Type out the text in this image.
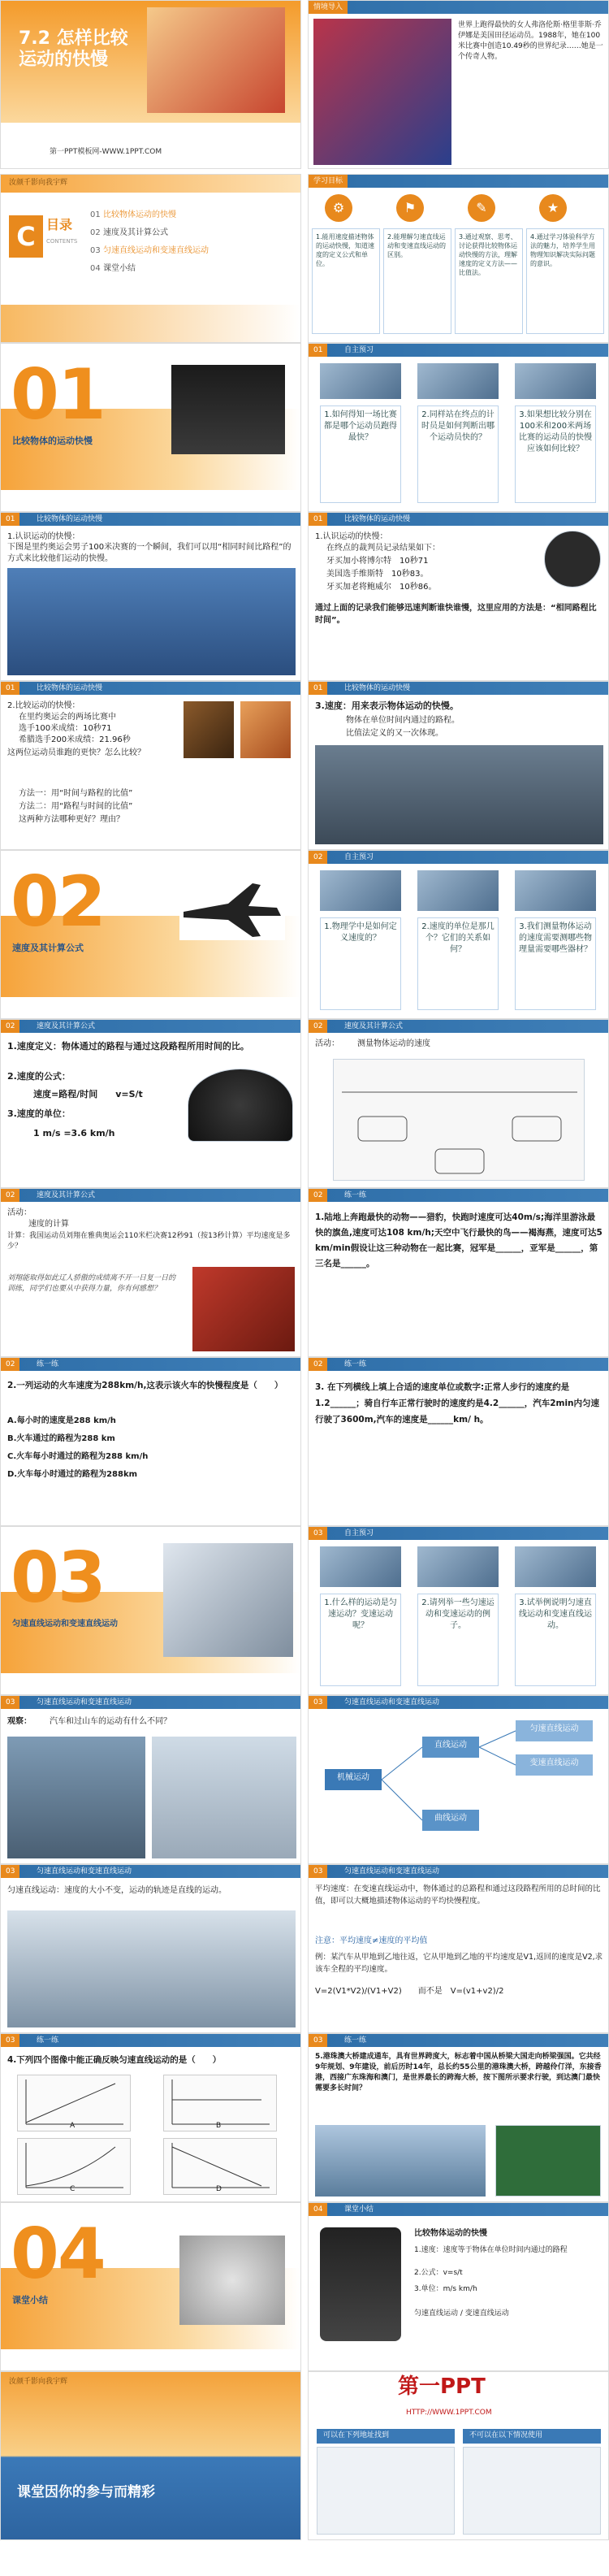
7.2 怎样比较运动的快慢
第一PPT模板网-WWW.1PPT.COM
情境导入
世界上跑得最快的女人弗洛伦斯·格里菲斯·乔伊娜是美国田径运动员。1988年，她在100米比赛中创造10.49秒的世界纪录……她是一个传奇人物。
汝颜千影向我宇辉
C 目录
CONTENTS
01 比较物体运动的快慢
02 速度及其计算公式
03 匀速直线运动和变速直线运动
04 课堂小结
学习目标
⚙	⚑	✎	★
1.能用速度描述物体的运动快慢，知道速度的定义公式和单位。
2.能理解匀速直线运动和变速直线运动的区别。
3.通过观察、思考、讨论获得比较物体运动快慢的方法，理解速度的定义方法——比值法。
4.通过学习体验科学方法的魅力，培养学生用物理知识解决实际问题的意识。
01
比较物体的运动快慢
01	自主预习
1.如何得知一场比赛都是哪个运动员跑得最快？
2.同样站在终点的计时员是如何判断出哪个运动员快的？
3.如果想比较分别在100米和200米两场比赛的运动员的快慢应该如何比较？
01	比较物体的运动快慢
1.认识运动的快慢：
下图是里约奥运会男子100米决赛的一个瞬间，我们可以用“相同时间比路程”的方式来比较他们运动的快慢。
01	比较物体的运动快慢
1.认识运动的快慢：
在终点的裁判员记录结果如下：
牙买加小将博尔特　10秒71
美国选手维斯特　10秒83。
牙买加老将鲍威尔　10秒86。
通过上面的记录我们能够迅速判断谁快谁慢，这里应用的方法是：“相同路程比时间”。
01	比较物体的运动快慢
2.比较运动的快慢：
在里约奥运会的两场比赛中
选手100米成绩：10秒71
希腊选手200米成绩：21.96秒
这两位运动员谁跑的更快？怎么比较？
方法一：用“时间与路程的比值”
方法二：用“路程与时间的比值”
这两种方法哪种更好？理由？
01	比较物体的运动快慢
3.速度：用来表示物体运动的快慢。
物体在单位时间内通过的路程。
比值法定义的又一次体现。
02
速度及其计算公式
02	自主预习
1.物理学中是如何定义速度的？
2.速度的单位是那几个？它们的关系如何？
3.我们测量物体运动的速度需要测哪些物理量需要哪些器材？
02	速度及其计算公式
1.速度定义：物体通过的路程与通过这段路程所用时间的比。
2.速度的公式：
速度=路程/时间　　v=S/t
3.速度的单位：
1 m/s =3.6 km/h
02	速度及其计算公式
活动： 测量物体运动的速度
02	速度及其计算公式
活动：
速度的计算
计算：我国运动员刘翔在雅典奥运会110米栏决赛12秒91（按13秒计算）平均速度是多少？
刘翔能取得如此辽人骄傲的成绩离不开一日复一日的训练，同学们也要从中获得力量，你有何感想？
02	练一练
1.陆地上奔跑最快的动物——猎豹，快跑时速度可达40m/s;海洋里游泳最快的旗鱼,速度可达108 km/h;天空中飞行最快的鸟——褐海燕，速度可达5 km/min假设让这三种动物在一起比赛，冠军是______，亚军是______，第三名是______。
02	练一练
2.一列运动的火车速度为288km/h,这表示该火车的快慢程度是（　　）
A.每小时的速度是288 km/h
B.火车通过的路程为288 km
C.火车每小时通过的路程为288 km/h
D.火车每小时通过的路程为288km
02	练一练
3. 在下列横线上填上合适的速度单位或数字:正常人步行的速度约是1.2______；骑自行车正常行驶时的速度约是4.2______，汽车2min内匀速行驶了3600m,汽车的速度是______km/ h。
03
匀速直线运动和变速直线运动
03	自主预习
1.什么样的运动是匀速运动？变速运动呢？
2.请列举一些匀速运动和变速运动的例子。
3.试举例说明匀速直线运动和变速直线运动。
03	匀速直线运动和变速直线运动
观察： 汽车和过山车的运动有什么不同？
03	匀速直线运动和变速直线运动
机械运动
直线运动
曲线运动
匀速直线运动
变速直线运动
03	匀速直线运动和变速直线运动
匀速直线运动：速度的大小不变，运动的轨迹是直线的运动。
03	匀速直线运动和变速直线运动
平均速度：在变速直线运动中，物体通过的总路程和通过这段路程所用的总时间的比值，即可以大概地描述物体运动的平均快慢程度。
注意：平均速度≠速度的平均值
例：某汽车从甲地到乙地往返，它从甲地到乙地的平均速度是V1,返回的速度是V2,求该车全程的平均速度。
V=2(V1*V2)/(V1+V2)　　而不是　V=(v1+v2)/2
03	练一练
4.下列四个图像中能正确反映匀速直线运动的是（　　）
A	B
C	D
03	练一练
5.港珠澳大桥建成通车，具有世界跨度大，标志着中国从桥梁大国走向桥梁强国。它共经9年规划、9年建设，前后历时14年，总长约55公里的港珠澳大桥，跨越伶仃洋，东接香港，西接广东珠海和澳门，是世界最长的跨海大桥，按下图所示要求行驶，到达澳门最快需要多长时间？
04
课堂小结
04	课堂小结
比较物体运动的快慢
1.速度：速度等于物体在单位时间内通过的路程
2.公式：v=s/t
3.单位：m/s km/h
匀速直线运动 / 变速直线运动
汝颜千影向我宇辉
课堂因你的参与而精彩
第一PPT
HTTP://WWW.1PPT.COM
可以在下列地址找到	不可以在以下情况使用
